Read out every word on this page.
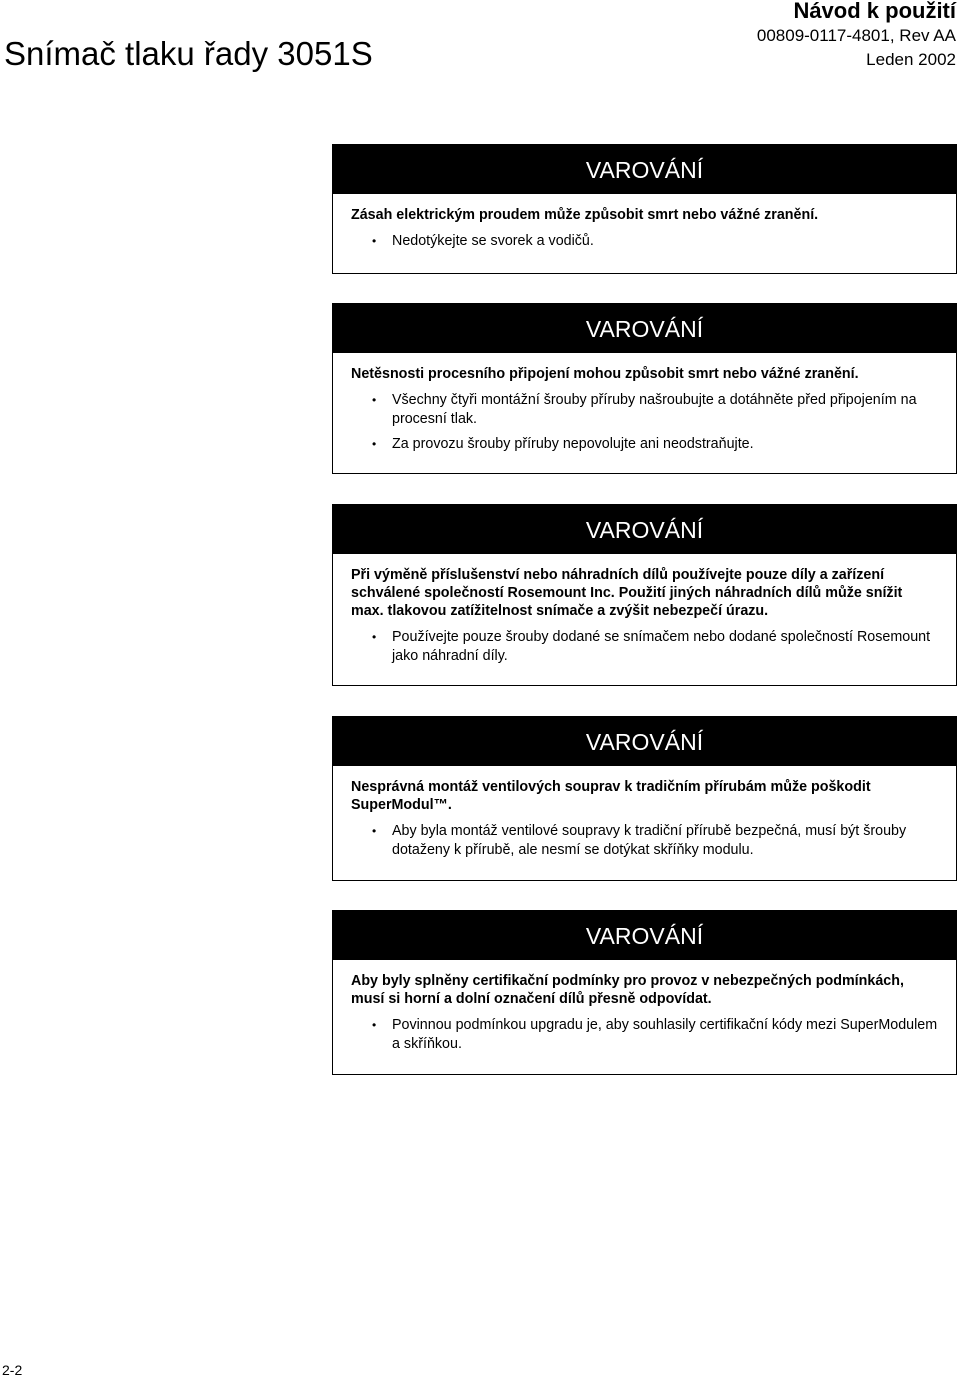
Snímač tlaku řady 3051S
Návod k použití
00809-0117-4801, Rev AA
Leden 2002
VAROVÁNÍ

Zásah elektrickým proudem může způsobit smrt nebo vážné zranění.

• Nedotýkejte se svorek a vodičů.
VAROVÁNÍ

Netěsnosti procesního připojení mohou způsobit smrt nebo vážné zranění.

• Všechny čtyři montážní šrouby příruby našroubujte a dotáhněte před připojením na procesní tlak.
• Za provozu šrouby příruby nepovolujte ani neodstraňujte.
VAROVÁNÍ

Při výměně příslušenství nebo náhradních dílů používejte pouze díly a zařízení schválené společností Rosemount Inc. Použití jiných náhradních dílů může snížit max. tlakovou zatížitelnost snímače a zvýšit nebezpečí úrazu.

• Používejte pouze šrouby dodané se snímačem nebo dodané společností Rosemount jako náhradní díly.
VAROVÁNÍ

Nesprávná montáž ventilových souprav k tradičním přírubám může poškodit SuperModul™.

• Aby byla montáž ventilové soupravy k tradiční přírubě bezpečná, musí být šrouby dotaženy k přírubě, ale nesmí se dotýkat skříňky modulu.
VAROVÁNÍ

Aby byly splněny certifikační podmínky pro provoz v nebezpečných podmínkách, musí si horní a dolní označení dílů přesně odpovídat.

• Povinnou podmínkou upgradu je, aby souhlasily certifikační kódy mezi SuperModulem a skříňkou.
2-2
